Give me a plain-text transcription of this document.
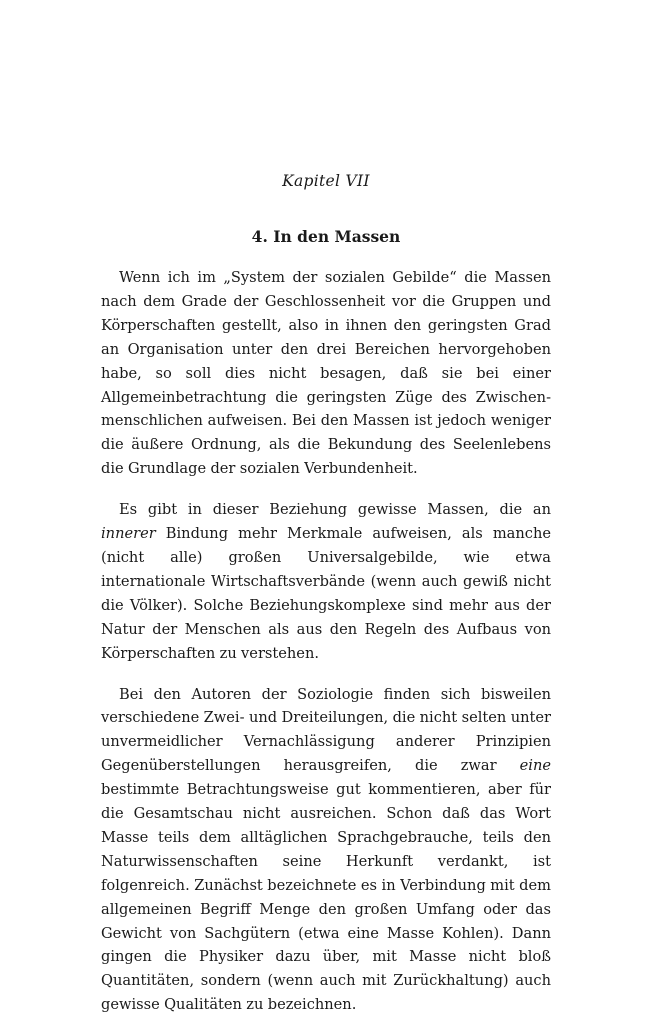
Kapitel VII
4. In den Massen

Wenn ich im „System der sozialen Gebilde“ die Massen nach dem Grade der Geschlossenheit vor die Gruppen und Körperschaften gestellt, also in ihnen den geringsten Grad an Organisation unter den drei Bereichen hervorgehoben habe, so soll dies nicht besagen, daß sie bei einer Allgemeinbetrachtung die geringsten Züge des Zwischenmenschlichen aufweisen. Bei den Massen ist jedoch weniger die äußere Ordnung, als die Bekundung des Seelenlebens die Grundlage der sozialen Verbundenheit.

Es gibt in dieser Beziehung gewisse Massen, die an innerer Bindung mehr Merkmale aufweisen, als manche (nicht alle) großen Universalgebilde, wie etwa internationale Wirtschaftsverbände (wenn auch gewiß nicht die Völker). Solche Beziehungskomplexe sind mehr aus der Natur der Menschen als aus den Regeln des Aufbaus von Körperschaften zu verstehen.

Bei den Autoren der Soziologie finden sich bisweilen verschiedene Zwei- und Dreiteilungen, die nicht selten unter unvermeidlicher Vernachlässigung anderer Prinzipien Gegenüberstellungen herausgreifen, die zwar eine bestimmte Betrachtungsweise gut kommentieren, aber für die Gesamtschau nicht ausreichen. Schon daß das Wort Masse teils dem alltäglichen Sprachgebrauche, teils den Naturwissenschaften seine Herkunft verdankt, ist folgenreich. Zunächst bezeichnete es in Verbindung mit dem allgemeinen Begriff Menge den großen Umfang oder das Gewicht von Sachgütern (etwa eine Masse Kohlen). Dann gingen die Physiker dazu über, mit Masse nicht bloß Quantitäten, sondern (wenn auch mit Zurückhaltung) auch gewisse Qualitäten zu bezeichnen.
